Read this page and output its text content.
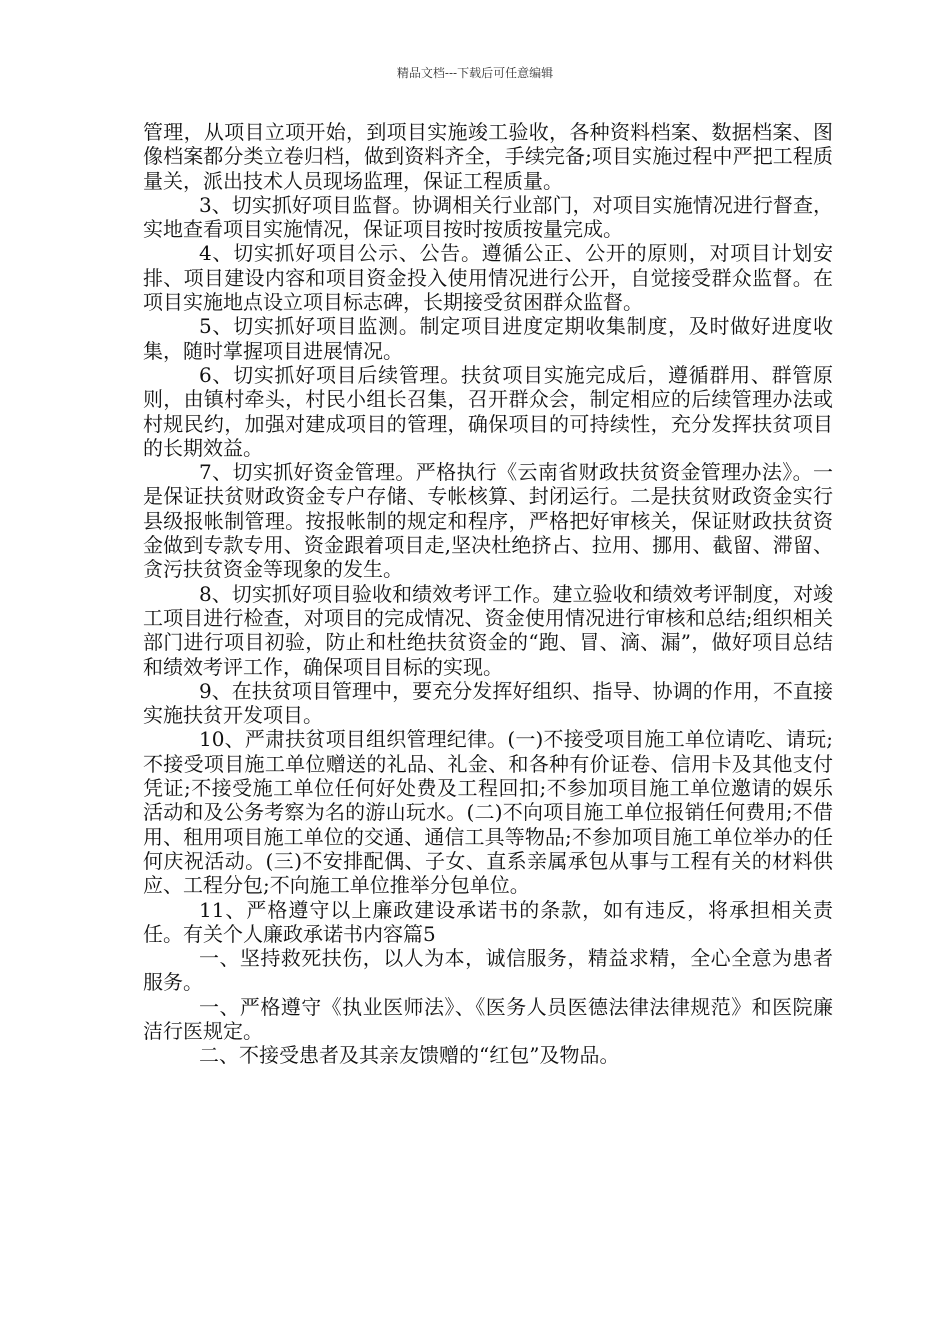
精品文档---下载后可任意编辑

管理，从项目立项开始，到项目实施竣工验收，各种资料档案、数据档案、图像档案都分类立卷归档，做到资料齐全，手续完备;项目实施过程中严把工程质量关，派出技术人员现场监理，保证工程质量。

3、切实抓好项目监督。协调相关行业部门，对项目实施情况进行督查，实地查看项目实施情况，保证项目按时按质按量完成。

4、切实抓好项目公示、公告。遵循公正、公开的原则，对项目计划安排、项目建设内容和项目资金投入使用情况进行公开，自觉接受群众监督。在项目实施地点设立项目标志碑，长期接受贫困群众监督。

5、切实抓好项目监测。制定项目进度定期收集制度，及时做好进度收集，随时掌握项目进展情况。

6、切实抓好项目后续管理。扶贫项目实施完成后，遵循群用、群管原则，由镇村牵头，村民小组长召集，召开群众会，制定相应的后续管理办法或村规民约，加强对建成项目的管理，确保项目的可持续性，充分发挥扶贫项目的长期效益。

7、切实抓好资金管理。严格执行《云南省财政扶贫资金管理办法》。一是保证扶贫财政资金专户存储、专帐核算、封闭运行。二是扶贫财政资金实行县级报帐制管理。按报帐制的规定和程序，严格把好审核关，保证财政扶贫资金做到专款专用、资金跟着项目走,坚决杜绝挤占、拉用、挪用、截留、滞留、贪污扶贫资金等现象的发生。

8、切实抓好项目验收和绩效考评工作。建立验收和绩效考评制度，对竣工项目进行检查，对项目的完成情况、资金使用情况进行审核和总结;组织相关部门进行项目初验，防止和杜绝扶贫资金的“跑、冒、滴、漏”，做好项目总结和绩效考评工作，确保项目目标的实现。

9、在扶贫项目管理中，要充分发挥好组织、指导、协调的作用，不直接实施扶贫开发项目。

10、严肃扶贫项目组织管理纪律。(一)不接受项目施工单位请吃、请玩;不接受项目施工单位赠送的礼品、礼金、和各种有价证卷、信用卡及其他支付凭证;不接受施工单位任何好处费及工程回扣;不参加项目施工单位邀请的娱乐活动和及公务考察为名的游山玩水。(二)不向项目施工单位报销任何费用;不借用、租用项目施工单位的交通、通信工具等物品;不参加项目施工单位举办的任何庆祝活动。(三)不安排配偶、子女、直系亲属承包从事与工程有关的材料供应、工程分包;不向施工单位推举分包单位。

11、严格遵守以上廉政建设承诺书的条款，如有违反，将承担相关责任。有关个人廉政承诺书内容篇5

一、坚持救死扶伤，以人为本，诚信服务，精益求精，全心全意为患者服务。

一、严格遵守《执业医师法》、《医务人员医德法律法律规范》和医院廉洁行医规定。

二、不接受患者及其亲友馈赠的“红包”及物品。
